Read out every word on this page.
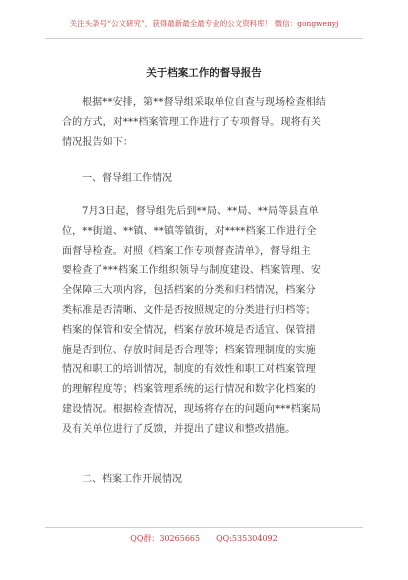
关注头条号“公文研究”，获得最新最全最专业的公文资料库！ 微信：gongwenyj
关于档案工作的督导报告
根据**安排，第**督导组采取单位自查与现场检查相结
合的方式，对***档案管理工作进行了专项督导。现将有关
情况报告如下：
一、督导组工作情况
7月3日起，督导组先后到**局、**局、**局等县直单
位，**街道、**镇、**镇等镇街，对****档案工作进行全
面督导检查。对照《档案工作专项督查清单》，督导组主
要检查了***档案工作组织领导与制度建设、档案管理、安
全保障三大项内容，包括档案的分类和归档情况，档案分
类标准是否清晰、文件是否按照规定的分类进行归档等；
档案的保管和安全情况，档案存放环境是否适宜、保管措
施是否到位、存放时间是否合理等；档案管理制度的实施
情况和职工的培训情况，制度的有效性和职工对档案管理
的理解程度等；档案管理系统的运行情况和数字化档案的
建设情况。根据检查情况，现场将存在的问题向***档案局
及有关单位进行了反馈，并提出了建议和整改措施。
二、档案工作开展情况
QQ群：30265665 QQ:535304092
